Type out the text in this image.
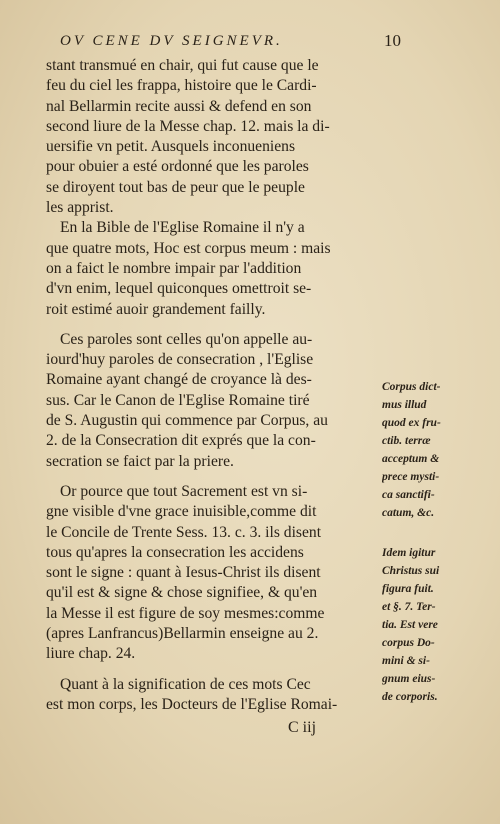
OV CENE DV SEIGNEVR.	10
stant transmué en chair, qui fut cause que le
feu du ciel les frappa, histoire que le Cardi-
nal Bellarmin recite aussi & defend en son
second liure de la Messe chap. 12. mais la di-
uersifie vn petit. Ausquels inconueniens
pour obuier a esté ordonné que les paroles
se diroyent tout bas de peur que le peuple
les apprist.
En la Bible de l'Eglise Romaine il n'y a
que quatre mots, Hoc est corpus meum : mais
on a faict le nombre impair par l'addition
d'vn enim, lequel quiconques omettroit se-
roit estimé auoir grandement failly.
Ces paroles sont celles qu'on appelle au-
iourd'huy paroles de consecration , l'Eglise
Romaine ayant changé de croyance là des-
sus. Car le Canon de l'Eglise Romaine tiré
de S. Augustin qui commence par Corpus, au
2. de la Consecration dit exprés que la con-
secration se faict par la priere.
Or pource que tout Sacrement est vn si-
gne visible d'vne grace inuisible,comme dit
le Concile de Trente Sess. 13. c. 3. ils disent
tous qu'apres la consecration les accidens
sont le signe : quant à Iesus-Christ ils disent
qu'il est & signe & chose signifiee, & qu'en
la Messe il est figure de soy mesmes:comme
(apres Lanfrancus)Bellarmin enseigne au 2.
liure chap. 24.
Quant à la signification de ces mots Cec
est mon corps, les Docteurs de l'Eglise Romai-
Corpus dict-
mus illud
quod ex fru-
ctib. terræ
acceptum &
prece mysti-
ca sanctifi-
catum, &c.
Idem igitur
Christus sui
figura fuit.
et §. 7. Ter-
tia. Est vere
corpus Do-
mini & si-
gnum eius-
de corporis.
C iij
